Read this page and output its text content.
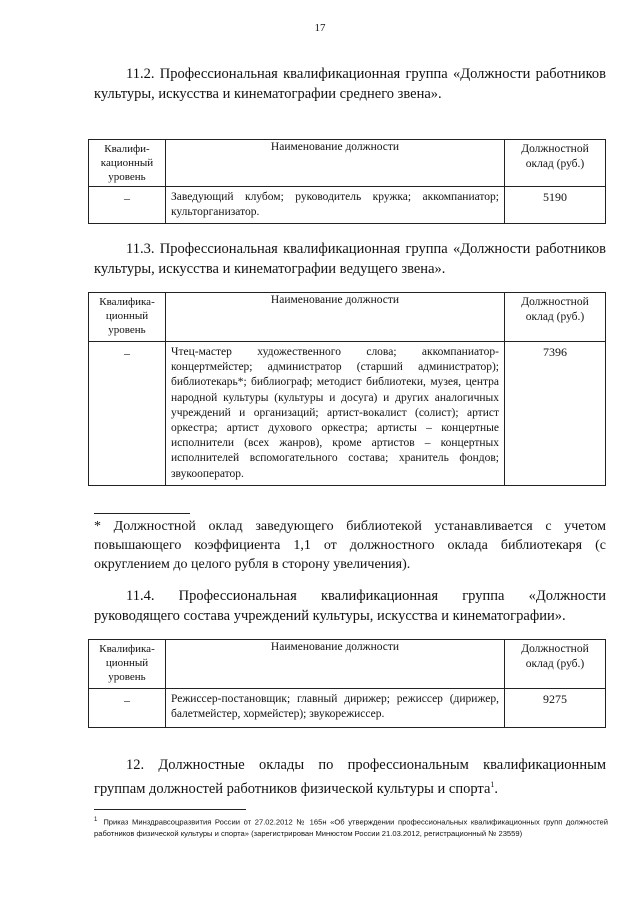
17
11.2. Профессиональная квалификационная группа «Должности работников культуры, искусства и кинематографии среднего звена».
Квалифи-кационный уровень	Наименование должности	Должностной оклад (руб.)
–	Заведующий клубом; руководитель кружка; аккомпаниатор; культорганизатор.	5190
11.3. Профессиональная квалификационная группа «Должности работников культуры, искусства и кинематографии ведущего звена».
Квалифика-ционный уровень	Наименование должности	Должностной оклад (руб.)
–	Чтец-мастер художественного слова; аккомпаниатор-концертмейстер; администратор (старший администратор); библиотекарь*; библиограф; методист библиотеки, музея, центра народной культуры (культуры и досуга) и других аналогичных учреждений и организаций; артист-вокалист (солист); артист оркестра; артист духового оркестра; артисты – концертные исполнители (всех жанров), кроме артистов – концертных исполнителей вспомогательного состава; хранитель фондов; звукооператор.	7396
* Должностной оклад заведующего библиотекой устанавливается с учетом повышающего коэффициента 1,1 от должностного оклада библиотекаря (с округлением до целого рубля в сторону увеличения).
11.4. Профессиональная квалификационная группа «Должности руководящего состава учреждений культуры, искусства и кинематографии».
Квалифика-ционный уровень	Наименование должности	Должностной оклад (руб.)
–	Режиссер-постановщик; главный дирижер; режиссер (дирижер, балетмейстер, хормейстер); звукорежиссер.	9275
12. Должностные оклады по профессиональным квалификационным группам должностей работников физической культуры и спорта$^1$.
$^1$ Приказ Минздравсоцразвития России от 27.02.2012 № 165н «Об утверждении профессиональных квалификационных групп должностей работников физической культуры и спорта» (зарегистрирован Минюстом России 21.03.2012, регистрационный № 23559)
